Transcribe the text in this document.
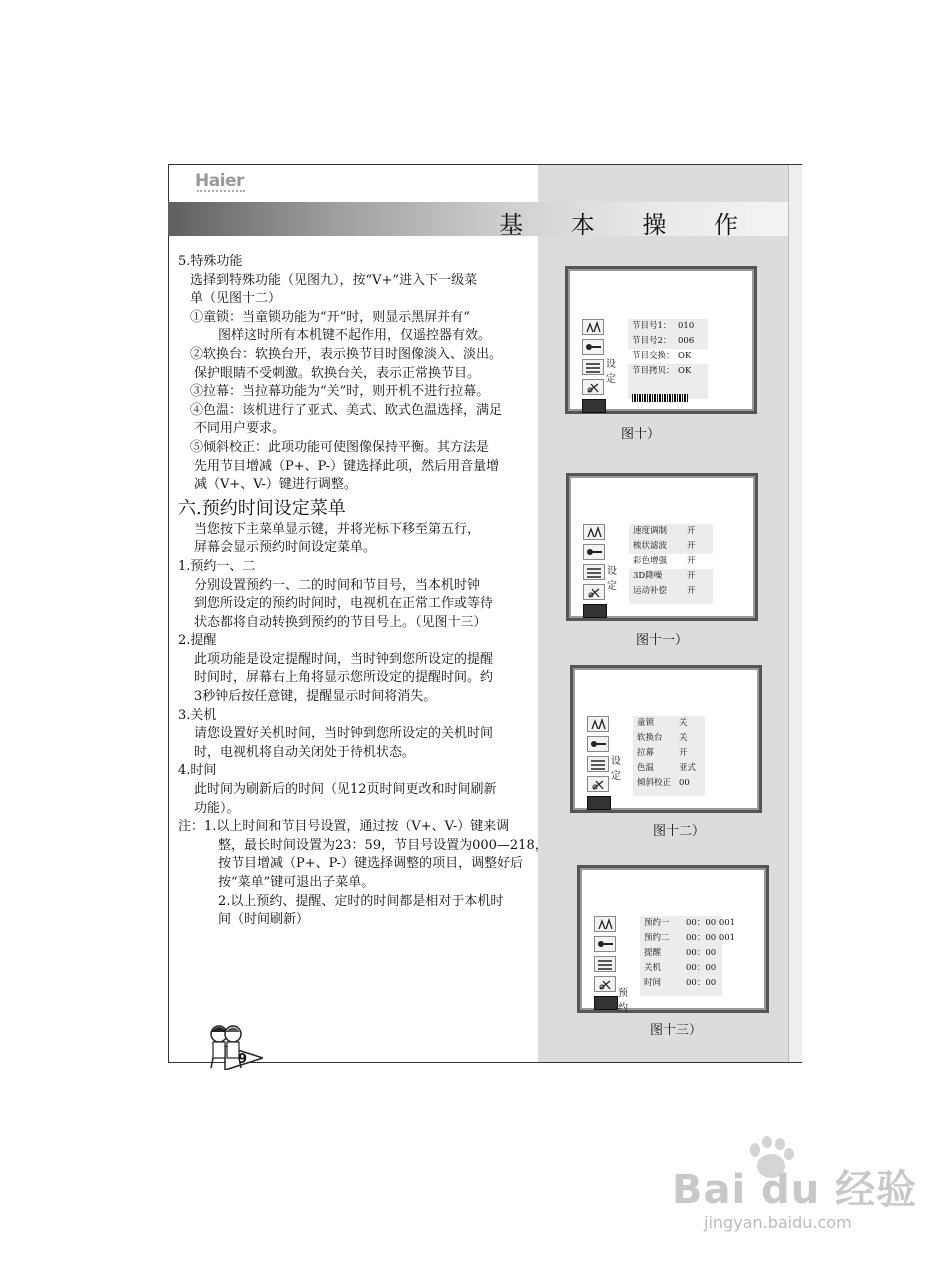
Haier
基 本 操 作

5.特殊功能

选择到特殊功能（见图九），按“V+”进入下一级菜

单（见图十二）

①童锁：当童锁功能为“开”时，则显示黑屏并有“

图样这时所有本机键不起作用，仅遥控器有效。

②软换台：软换台开，表示换节目时图像淡入、淡出。

保护眼睛不受刺激。软换台关，表示正常换节目。

③拉幕：当拉幕功能为“关”时，则开机不进行拉幕。

④色温：该机进行了亚式、美式、欧式色温选择，满足

不同用户要求。

⑤倾斜校正：此项功能可使图像保持平衡。其方法是

先用节目增减（P+、P-）键选择此项，然后用音量增

减（V+、V-）键进行调整。

六.预约时间设定菜单

当您按下主菜单显示键，并将光标下移至第五行，

屏幕会显示预约时间设定菜单。

1.预约一、二

分别设置预约一、二的时间和节目号，当本机时钟

到您所设定的预约时间时，电视机在正常工作或等待

状态都将自动转换到预约的节目号上。（见图十三）

2.提醒

此项功能是设定提醒时间，当时钟到您所设定的提醒

时间时，屏幕右上角将显示您所设定的提醒时间。约

3秒钟后按任意键，提醒显示时间将消失。

3.关机

请您设置好关机时间，当时钟到您所设定的关机时间

时，电视机将自动关闭处于待机状态。

4.时间

此时间为刷新后的时间（见12页时间更改和时间刷新

功能）。

注：1.以上时间和节目号设置，通过按（V+、V-）键来调

整，最长时间设置为23：59，节目号设置为000—218，

按节目增减（P+、P-）键选择调整的项目，调整好后

按“菜单”键可退出子菜单。

2.以上预约、提醒、定时的时间都是相对于本机时

间（时间刷新）

设 定
节目号1： 010
节目号2： 006
节目交换： OK
节目拷贝： OK
图十）
设 定
速度调制 开
梳状滤波 开
彩色增强 开
3D降噪	开
运动补偿 开
图十一）
设 定
童锁	关
软换台 关
拉幕	开
色温	亚式
倾斜校正 00
图十二）
预约一 00：00 001
预约二 00：00 001
提醒	00：00
关机	00：00
时间	00：00
预 约
图十三）
9
Bai du 经验
jingyan.baidu.com
